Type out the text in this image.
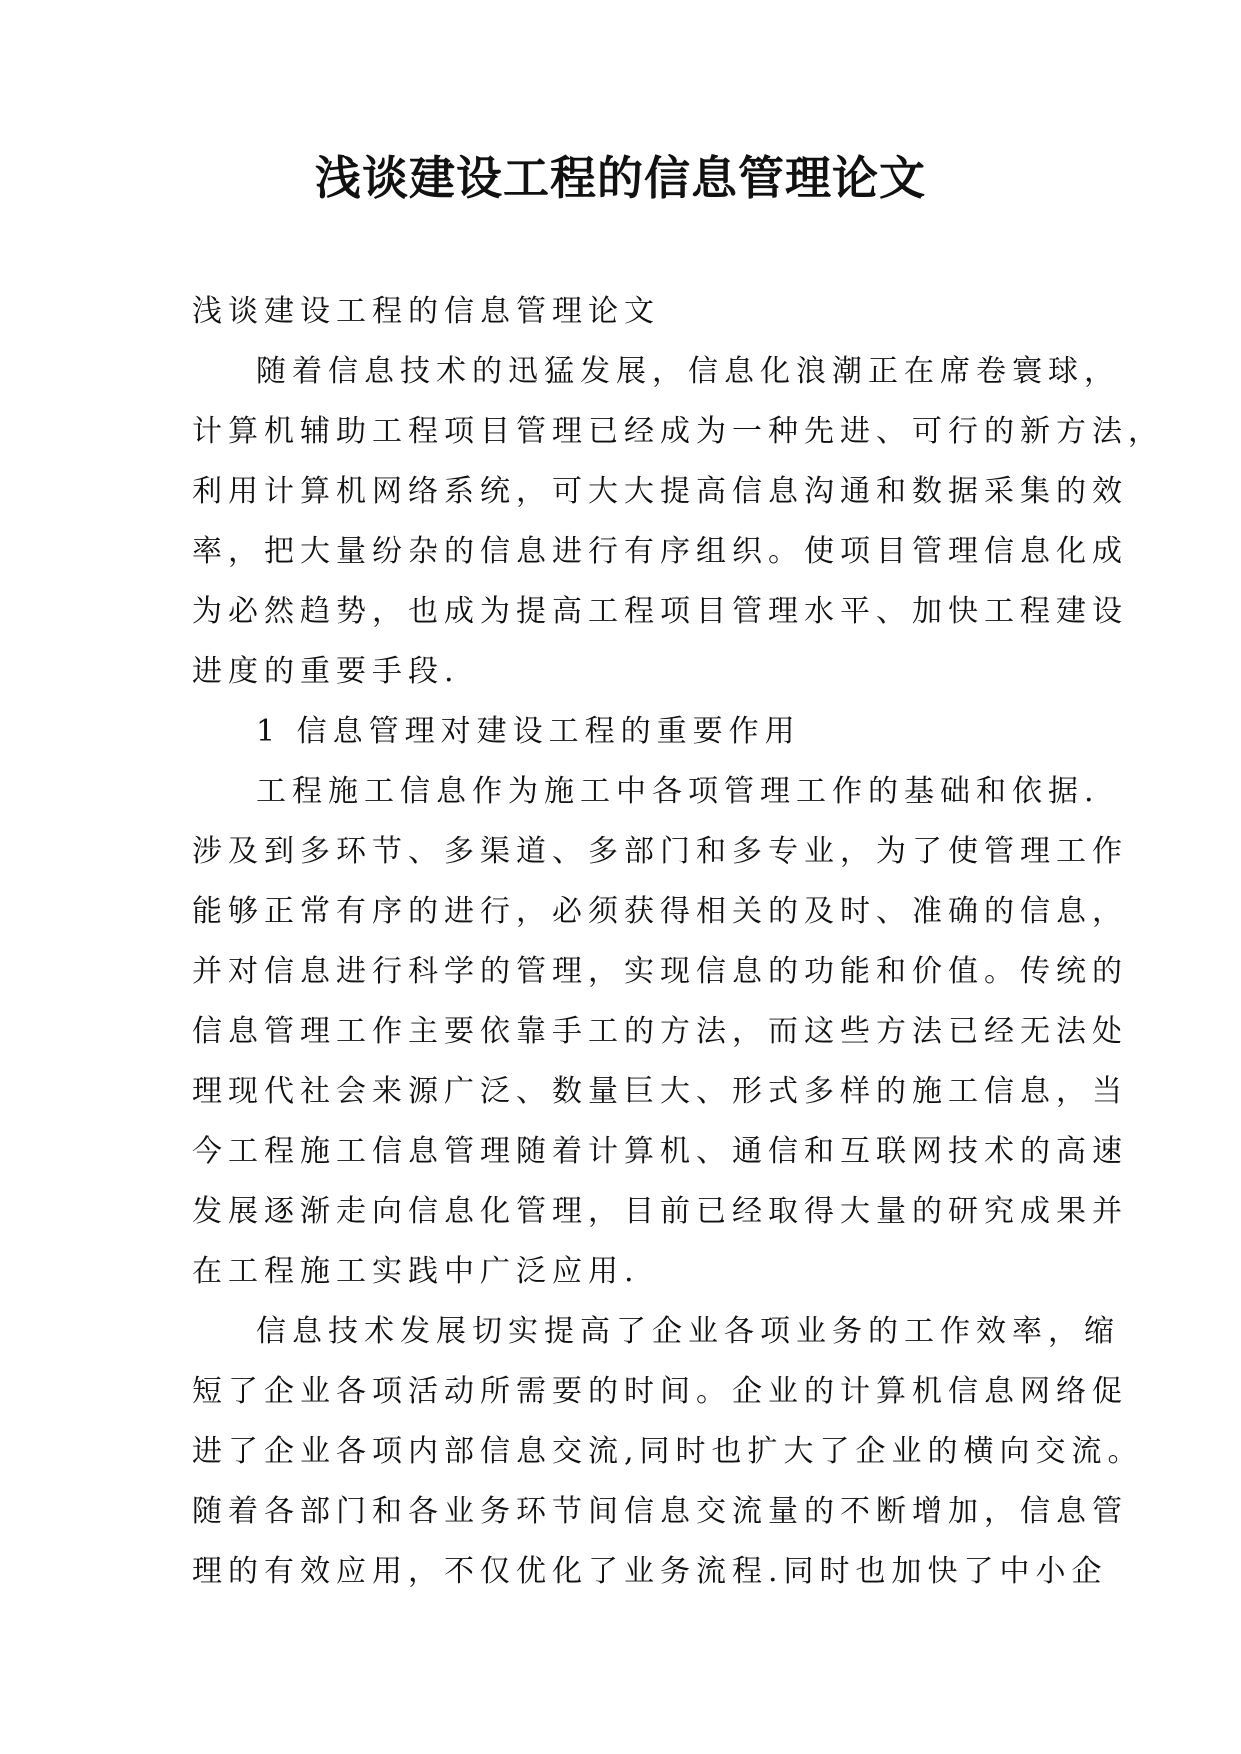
浅谈建设工程的信息管理论文

浅谈建设工程的信息管理论文

随着信息技术的迅猛发展，信息化浪潮正在席卷寰球，

计算机辅助工程项目管理已经成为一种先进、可行的新方法，

利用计算机网络系统，可大大提高信息沟通和数据采集的效

率，把大量纷杂的信息进行有序组织。使项目管理信息化成

为必然趋势，也成为提高工程项目管理水平、加快工程建设

进度的重要手段.

1 信息管理对建设工程的重要作用

工程施工信息作为施工中各项管理工作的基础和依据.

涉及到多环节、多渠道、多部门和多专业，为了使管理工作

能够正常有序的进行，必须获得相关的及时、准确的信息，

并对信息进行科学的管理，实现信息的功能和价值。传统的

信息管理工作主要依靠手工的方法，而这些方法已经无法处

理现代社会来源广泛、数量巨大、形式多样的施工信息，当

今工程施工信息管理随着计算机、通信和互联网技术的高速

发展逐渐走向信息化管理，目前已经取得大量的研究成果并

在工程施工实践中广泛应用.

信息技术发展切实提高了企业各项业务的工作效率，缩

短了企业各项活动所需要的时间。企业的计算机信息网络促

进了企业各项内部信息交流,同时也扩大了企业的横向交流。

随着各部门和各业务环节间信息交流量的不断增加，信息管

理的有效应用，不仅优化了业务流程.同时也加快了中小企
